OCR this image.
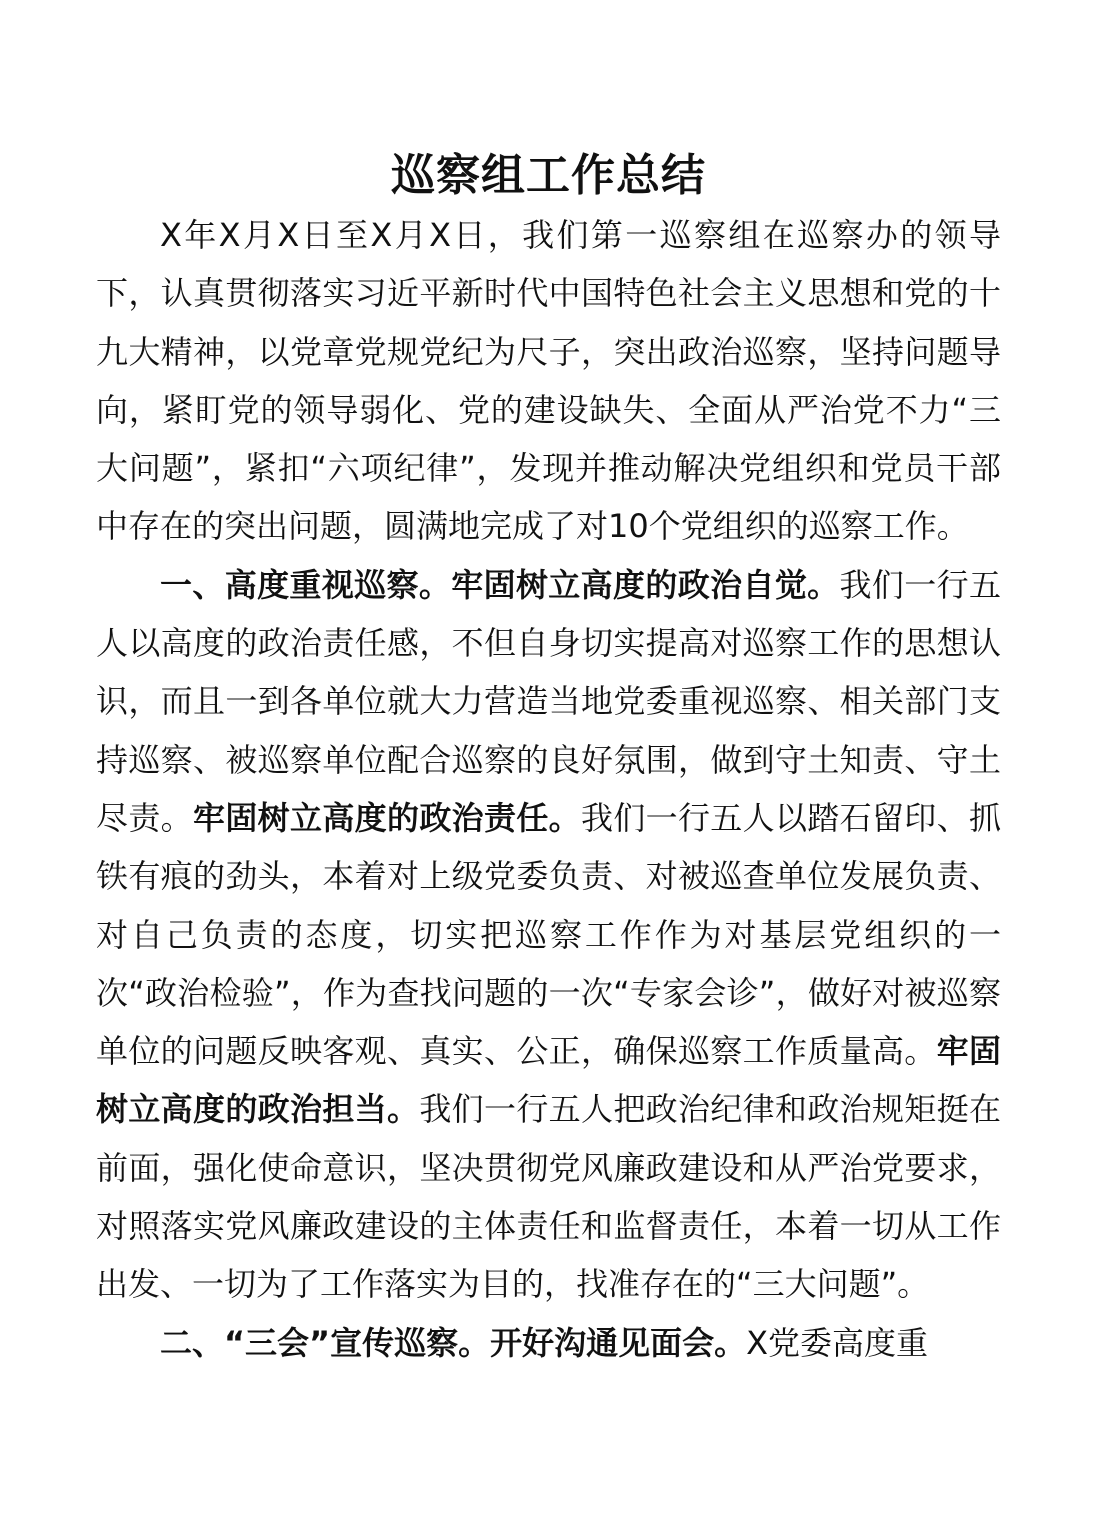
巡察组工作总结

X年X月X日至X月X日，我们第一巡察组在巡察办的领导下，认真贯彻落实习近平新时代中国特色社会主义思想和党的十九大精神，以党章党规党纪为尺子，突出政治巡察，坚持问题导向，紧盯党的领导弱化、党的建设缺失、全面从严治党不力“三大问题”，紧扣“六项纪律”，发现并推动解决党组织和党员干部中存在的突出问题，圆满地完成了对10个党组织的巡察工作。

一、高度重视巡察。牢固树立高度的政治自觉。我们一行五人以高度的政治责任感，不但自身切实提高对巡察工作的思想认识，而且一到各单位就大力营造当地党委重视巡察、相关部门支持巡察、被巡察单位配合巡察的良好氛围，做到守土知责、守土尽责。牢固树立高度的政治责任。我们一行五人以踏石留印、抓铁有痕的劲头，本着对上级党委负责、对被巡查单位发展负责、对自己负责的态度，切实把巡察工作作为对基层党组织的一次“政治检验”，作为查找问题的一次“专家会诊”，做好对被巡察单位的问题反映客观、真实、公正，确保巡察工作质量高。牢固树立高度的政治担当。我们一行五人把政治纪律和政治规矩挺在前面，强化使命意识，坚决贯彻党风廉政建设和从严治党要求，对照落实党风廉政建设的主体责任和监督责任，本着一切从工作出发、一切为了工作落实为目的，找准存在的“三大问题”。

二、“三会”宣传巡察。开好沟通见面会。X党委高度重
